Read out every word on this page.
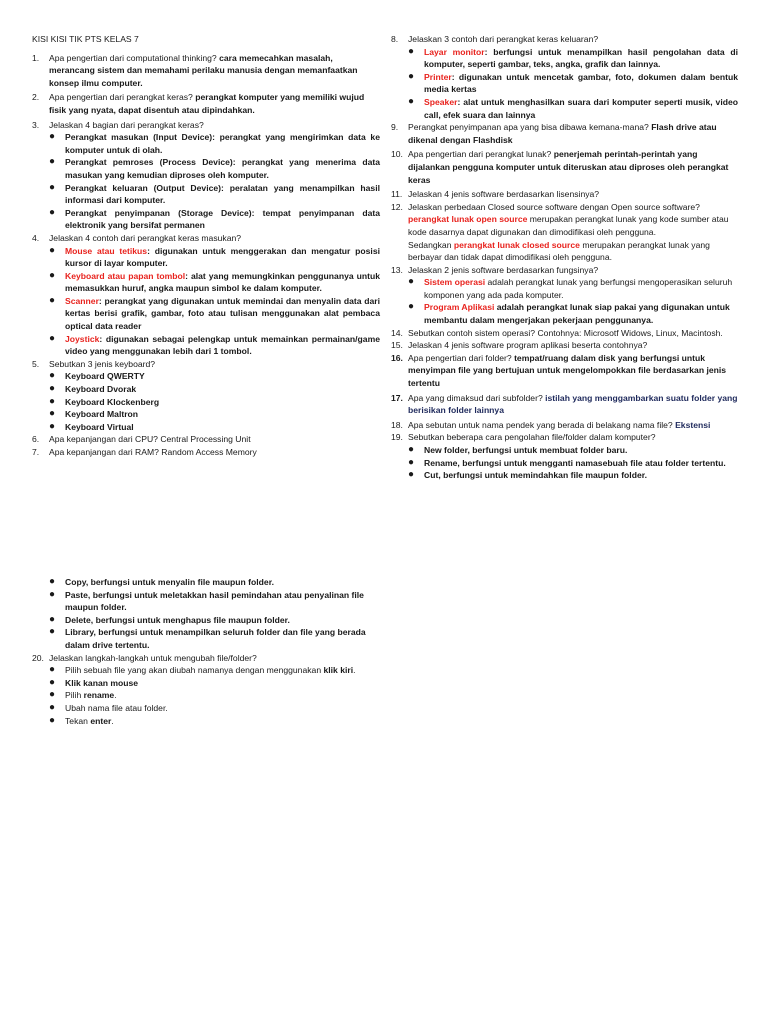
KISI KISI TIK PTS KELAS 7
1.	Apa pengertian dari computational thinking? cara memecahkan masalah, merancang sistem dan memahami perilaku manusia dengan memanfaatkan konsep ilmu computer.
2.	Apa pengertian dari perangkat keras? perangkat komputer yang memiliki wujud fisik yang nyata, dapat disentuh atau dipindahkan.
3.	Jelaskan 4 bagian dari perangkat keras?
●	Perangkat masukan (Input Device): perangkat yang mengirimkan data ke komputer untuk di olah.
●	Perangkat pemroses (Process Device): perangkat yang menerima data masukan yang kemudian diproses oleh komputer.
●	Perangkat keluaran (Output Device): peralatan yang menampilkan hasil informasi dari komputer.
●	Perangkat penyimpanan (Storage Device): tempat penyimpanan data elektronik yang bersifat permanen
4.	Jelaskan 4 contoh dari perangkat keras masukan?
●	Mouse atau tetikus: digunakan untuk menggerakan dan mengatur posisi kursor di layar komputer.
●	Keyboard atau papan tombol: alat yang memungkinkan penggunanya untuk memasukkan huruf, angka maupun simbol ke dalam komputer.
●	Scanner: perangkat yang digunakan untuk memindai dan menyalin data dari kertas berisi grafik, gambar, foto atau tulisan menggunakan alat pembaca optical data reader
●	Joystick: digunakan sebagai pelengkap untuk memainkan permainan/game video yang menggunakan lebih dari 1 tombol.
5.	Sebutkan 3 jenis keyboard?
●	Keyboard QWERTY
●	Keyboard Dvorak
●	Keyboard Klockenberg
●	Keyboard Maltron
●	Keyboard Virtual
6.	Apa kepanjangan dari CPU? Central Processing Unit
7.	Apa kepanjangan dari RAM? Random Access Memory
8.	Jelaskan 3 contoh dari perangkat keras keluaran?
●	Layar monitor: berfungsi untuk menampilkan hasil pengolahan data di komputer, seperti gambar, teks, angka, grafik dan lainnya.
●	Printer: digunakan untuk mencetak gambar, foto, dokumen dalam bentuk media kertas
●	Speaker: alat untuk menghasilkan suara dari komputer seperti musik, video call, efek suara dan lainnya
9.	Perangkat penyimpanan apa yang bisa dibawa kemana-mana? Flash drive atau dikenal dengan Flashdisk
10. Apa pengertian dari perangkat lunak? penerjemah perintah-perintah yang dijalankan pengguna komputer untuk diteruskan atau diproses oleh perangkat keras
11. Jelaskan 4 jenis software berdasarkan lisensinya?
12. Jelaskan perbedaan Closed source software dengan Open source software?
perangkat lunak open source merupakan perangkat lunak yang kode sumber atau kode dasarnya dapat digunakan dan dimodifikasi oleh pengguna.
Sedangkan perangkat lunak closed source merupakan perangkat lunak yang berbayar dan tidak dapat dimodifikasi oleh pengguna.
13. Jelaskan 2 jenis software berdasarkan fungsinya?
●	Sistem operasi adalah perangkat lunak yang berfungsi mengoperasikan seluruh komponen yang ada pada komputer.
●	Program Aplikasi adalah perangkat lunak siap pakai yang digunakan untuk membantu dalam mengerjakan pekerjaan penggunanya.
14. Sebutkan contoh sistem operasi? Contohnya: Microsotf Widows, Linux, Macintosh.
15. Jelaskan 4 jenis software program aplikasi beserta contohnya?
16. Apa pengertian dari folder? tempat/ruang dalam disk yang berfungsi untuk menyimpan file yang bertujuan untuk mengelompokkan file berdasarkan jenis tertentu
17. Apa yang dimaksud dari subfolder? istilah yang menggambarkan suatu folder yang berisikan folder lainnya
18. Apa sebutan untuk nama pendek yang berada di belakang nama file? Ekstensi
19. Sebutkan beberapa cara pengolahan file/folder dalam komputer?
●	New folder, berfungsi untuk membuat folder baru.
●	Rename, berfungsi untuk mengganti namasebuah file atau folder tertentu.
●	Cut, berfungsi untuk memindahkan file maupun folder.
●	Copy, berfungsi untuk menyalin file maupun folder.
●	Paste, berfungsi untuk meletakkan hasil pemindahan atau penyalinan file maupun folder.
●	Delete, berfungsi untuk menghapus file maupun folder.
●	Library, berfungsi untuk menampilkan seluruh folder dan file yang berada dalam drive tertentu.
20. Jelaskan langkah-langkah untuk mengubah file/folder?
●	Pilih sebuah file yang akan diubah namanya dengan menggunakan klik kiri.
●	Klik kanan mouse
●	Pilih rename.
●	Ubah nama file atau folder.
●	Tekan enter.
